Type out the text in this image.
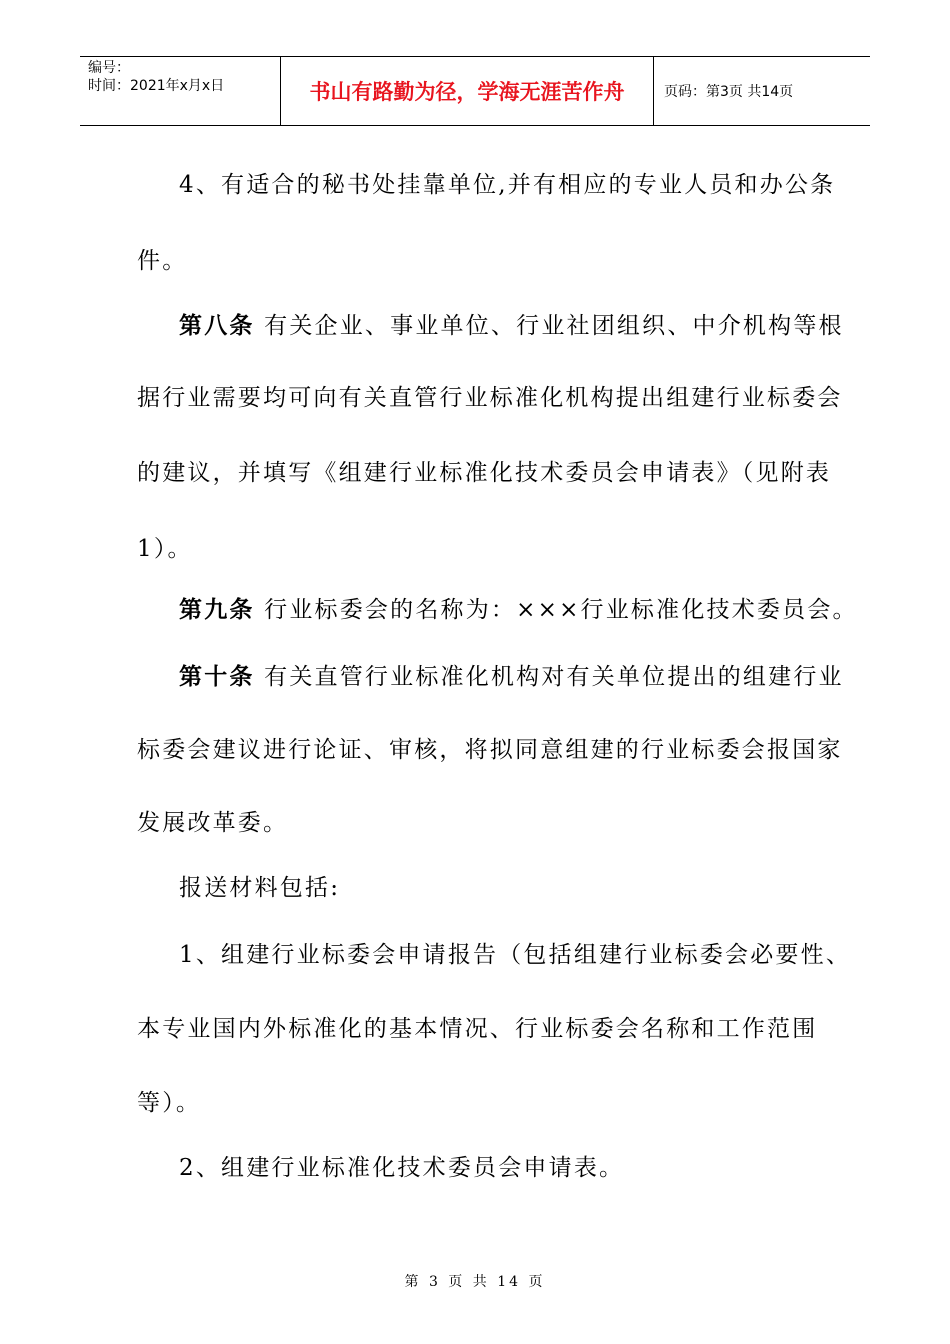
编号：
时间：2021年x月x日	书山有路勤为径，学海无涯苦作舟	页码：第3页 共14页
4、有适合的秘书处挂靠单位,并有相应的专业人员和办公条
件。
第八条 有关企业、事业单位、行业社团组织、中介机构等根
据行业需要均可向有关直管行业标准化机构提出组建行业标委会
的建议，并填写《组建行业标准化技术委员会申请表》（见附表
1）。
第九条 行业标委会的名称为：×××行业标准化技术委员会。
第十条 有关直管行业标准化机构对有关单位提出的组建行业
标委会建议进行论证、审核，将拟同意组建的行业标委会报国家
发展改革委。
报送材料包括:
1、组建行业标委会申请报告（包括组建行业标委会必要性、
本专业国内外标准化的基本情况、行业标委会名称和工作范围
等）。
2、组建行业标准化技术委员会申请表。
第 3 页 共 14 页
